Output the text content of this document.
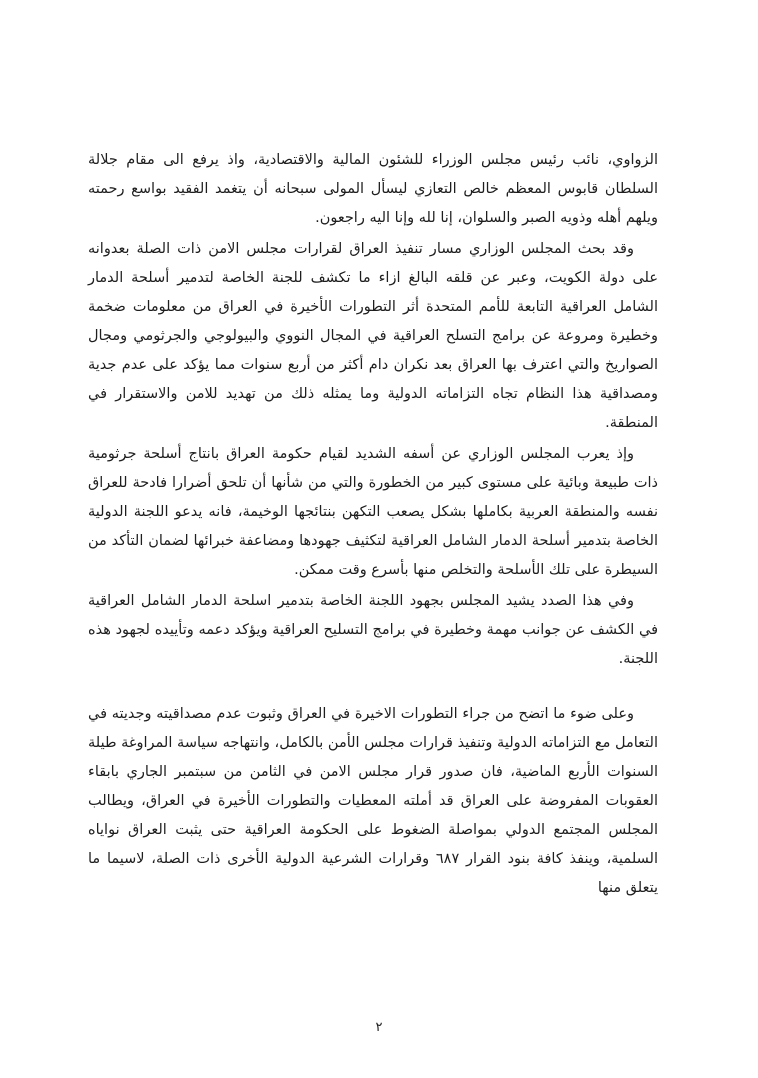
الزواوي، نائب رئيس مجلس الوزراء للشئون المالية والاقتصادية، واذ يرفع الى مقام جلالة السلطان قابوس المعظم خالص التعازي ليسأل المولى سبحانه أن يتغمد الفقيد بواسع رحمته ويلهم أهله وذويه الصبر والسلوان، إنا لله وإنا اليه راجعون.

وقد بحث المجلس الوزاري مسار تنفيذ العراق لقرارات مجلس الامن ذات الصلة بعدوانه على دولة الكويت، وعبر عن قلقه البالغ ازاء ما تكشف للجنة الخاصة لتدمير أسلحة الدمار الشامل العراقية التابعة للأمم المتحدة أثر التطورات الأخيرة في العراق من معلومات ضخمة وخطيرة ومروعة عن برامج التسلح العراقية في المجال النووي والبيولوجي والجرثومي ومجال الصواريخ والتي اعترف بها العراق بعد نكران دام أكثر من أربع سنوات مما يؤكد على عدم جدية ومصداقية هذا النظام تجاه التزاماته الدولية وما يمثله ذلك من تهديد للامن والاستقرار في المنطقة.

وإذ يعرب المجلس الوزاري عن أسفه الشديد لقيام حكومة العراق بانتاج أسلحة جرثومية ذات طبيعة وبائية على مستوى كبير من الخطورة والتي من شأنها أن تلحق أضرارا فادحة للعراق نفسه والمنطقة العربية بكاملها بشكل يصعب التكهن بنتائجها الوخيمة، فانه يدعو اللجنة الدولية الخاصة بتدمير أسلحة الدمار الشامل العراقية لتكثيف جهودها ومضاعفة خبرائها لضمان التأكد من السيطرة على تلك الأسلحة والتخلص منها بأسرع وقت ممكن.

وفي هذا الصدد يشيد المجلس بجهود اللجنة الخاصة بتدمير اسلحة الدمار الشامل العراقية في الكشف عن جوانب مهمة وخطيرة في برامج التسليح العراقية ويؤكد دعمه وتأييده لجهود هذه اللجنة.

وعلى ضوء ما اتضح من جراء التطورات الاخيرة في العراق وثبوت عدم مصداقيته وجديته في التعامل مع التزاماته الدولية وتنفيذ قرارات مجلس الأمن بالكامل، وانتهاجه سياسة المراوغة طيلة السنوات الأربع الماضية، فان صدور قرار مجلس الامن في الثامن من سبتمبر الجاري بابقاء العقوبات المفروضة على العراق قد أملته المعطيات والتطورات الأخيرة في العراق، ويطالب المجلس المجتمع الدولي بمواصلة الضغوط على الحكومة العراقية حتى يثبت العراق نواياه السلمية، وينفذ كافة بنود القرار ٦٨٧ وقرارات الشرعية الدولية الأخرى ذات الصلة، لاسيما ما يتعلق منها

٢
